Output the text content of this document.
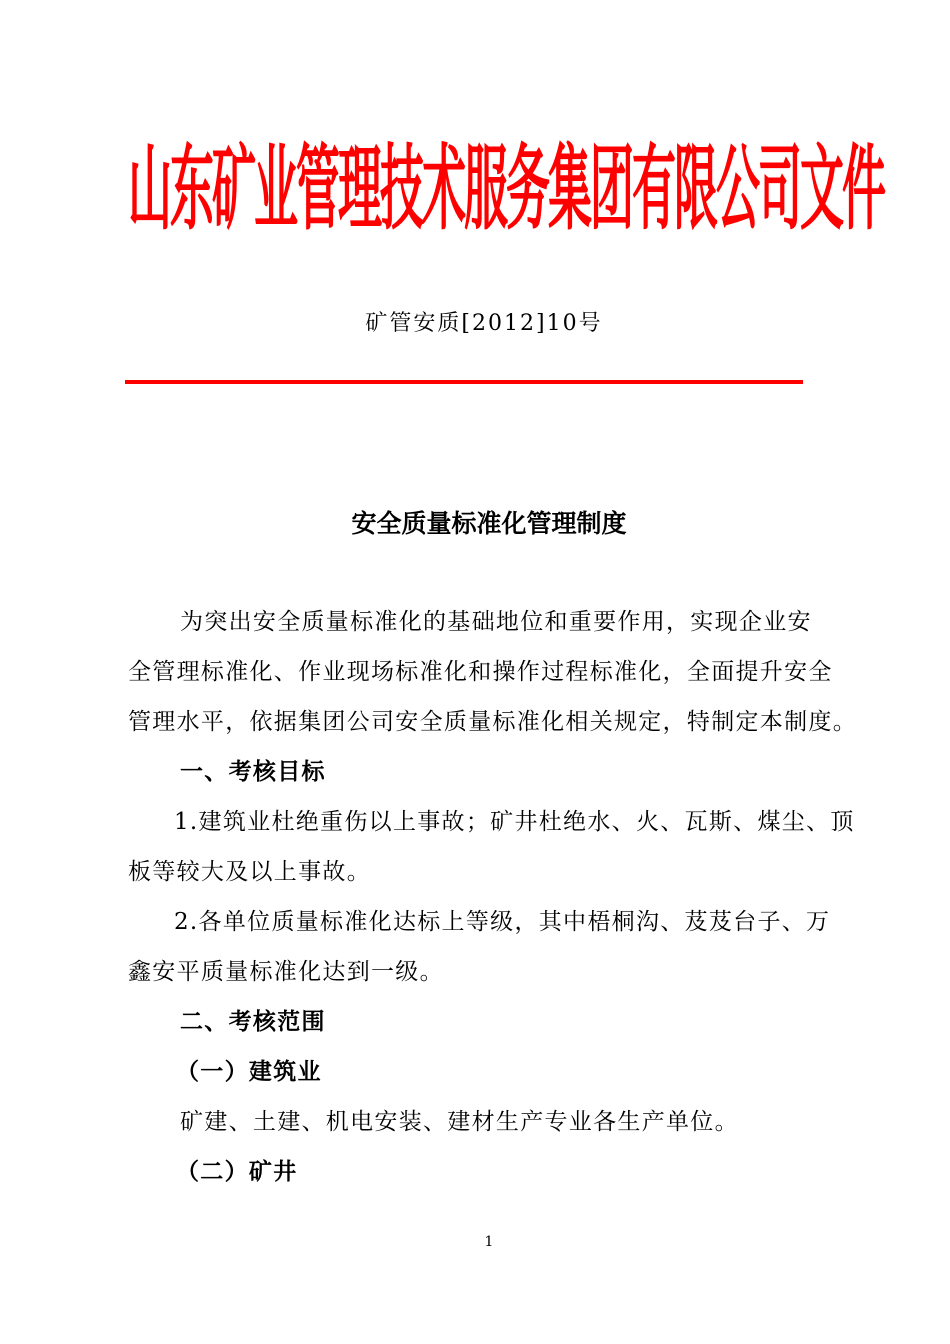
山东矿业管理技术服务集团有限公司文件
矿管安质[2012]10号
安全质量标准化管理制度
为突出安全质量标准化的基础地位和重要作用，实现企业安
全管理标准化、作业现场标准化和操作过程标准化，全面提升安全
管理水平，依据集团公司安全质量标准化相关规定，特制定本制度。
一、考核目标
1.建筑业杜绝重伤以上事故；矿井杜绝水、火、瓦斯、煤尘、顶
板等较大及以上事故。
2.各单位质量标准化达标上等级，其中梧桐沟、芨芨台子、万
鑫安平质量标准化达到一级。
二、考核范围
（一）建筑业
矿建、土建、机电安装、建材生产专业各生产单位。
（二）矿井
1
